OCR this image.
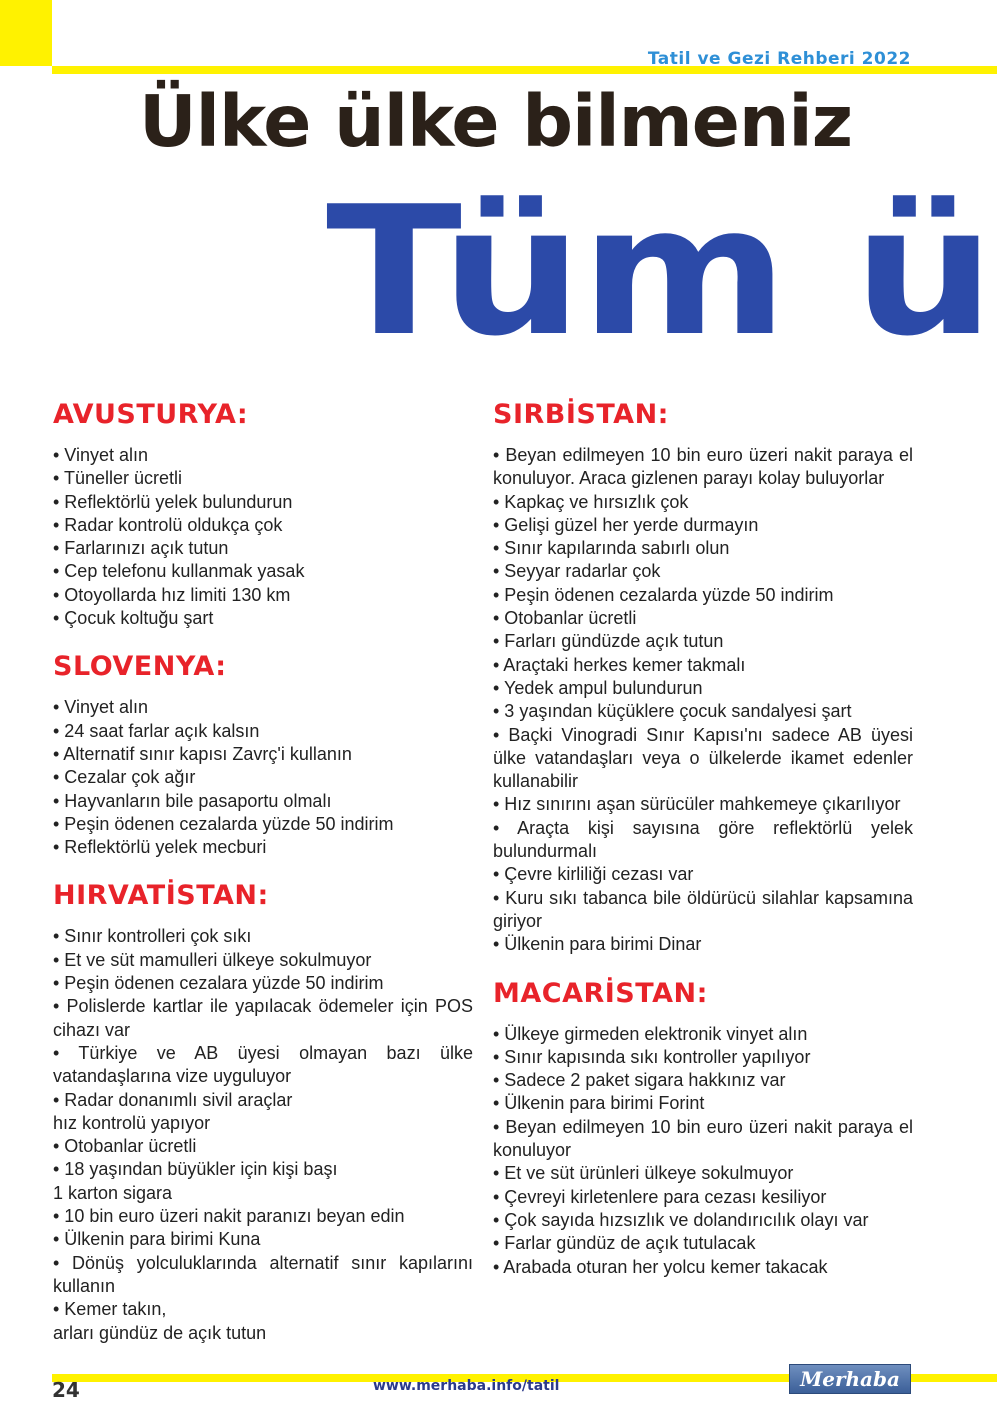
Tatil ve Gezi Rehberi 2022
Ülke ülke bilmeniz
Tüm ü
AVUSTURYA:
• Vinyet alın
• Tüneller ücretli
• Reflektörlü yelek bulundurun
• Radar kontrolü oldukça çok
• Farlarınızı açık tutun
• Cep telefonu kullanmak yasak
• Otoyollarda hız limiti 130 km
• Çocuk koltuğu şart
SLOVENYA:
• Vinyet alın
• 24 saat farlar açık kalsın
• Alternatif sınır kapısı Zavrç'i kullanın
• Cezalar çok ağır
• Hayvanların bile pasaportu olmalı
• Peşin ödenen cezalarda yüzde 50 indirim
• Reflektörlü yelek mecburi
HIRVATİSTAN:
• Sınır kontrolleri çok sıkı
• Et ve süt mamulleri ülkeye sokulmuyor
• Peşin ödenen cezalara yüzde 50 indirim
• Polislerde kartlar ile yapılacak ödemeler için POS cihazı var
• Türkiye ve AB üyesi olmayan bazı ülke vatandaşlarına vize uyguluyor
• Radar donanımlı sivil araçlar
hız kontrolü yapıyor
• Otobanlar ücretli
• 18 yaşından büyükler için kişi başı
1 karton sigara
• 10 bin euro üzeri nakit paranızı beyan edin
• Ülkenin para birimi Kuna
• Dönüş yolculuklarında alternatif sınır kapılarını kullanın
• Kemer takın,
arları gündüz de açık tutun
SIRBİSTAN:
• Beyan edilmeyen 10 bin euro üzeri nakit paraya el konuluyor. Araca gizlenen parayı kolay buluyorlar
• Kapkaç ve hırsızlık çok
• Gelişi güzel her yerde durmayın
• Sınır kapılarında sabırlı olun
• Seyyar radarlar çok
• Peşin ödenen cezalarda yüzde 50 indirim
• Otobanlar ücretli
• Farları gündüzde açık tutun
• Araçtaki herkes kemer takmalı
• Yedek ampul bulundurun
• 3 yaşından küçüklere çocuk sandalyesi şart
• Baçki Vinogradi Sınır Kapısı'nı sadece AB üyesi ülke vatandaşları veya o ülkelerde ikamet edenler kullanabilir
• Hız sınırını aşan sürücüler mahkemeye çıkarılıyor
• Araçta kişi sayısına göre reflektörlü yelek bulundurmalı
• Çevre kirliliği cezası var
• Kuru sıkı tabanca bile öldürücü silahlar kapsamına giriyor
• Ülkenin para birimi Dinar
MACARİSTAN:
• Ülkeye girmeden elektronik vinyet alın
• Sınır kapısında sıkı kontroller yapılıyor
• Sadece 2 paket sigara hakkınız var
• Ülkenin para birimi Forint
• Beyan edilmeyen 10 bin euro üzeri nakit paraya el konuluyor
• Et ve süt ürünleri ülkeye sokulmuyor
• Çevreyi kirletenlere para cezası kesiliyor
• Çok sayıda hızsızlık ve dolandırıcılık olayı var
• Farlar gündüz de açık tutulacak
• Arabada oturan her yolcu kemer takacak
24	www.merhaba.info/tatil	Merhaba
